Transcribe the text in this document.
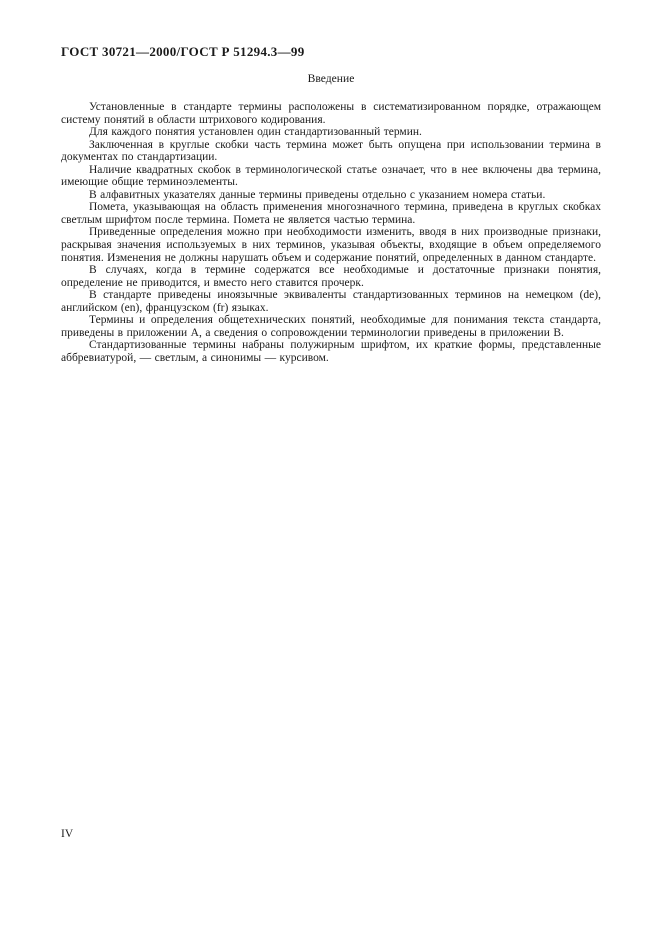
ГОСТ 30721—2000/ГОСТ Р 51294.3—99
Введение

Установленные в стандарте термины расположены в систематизированном порядке, отражающем систему понятий в области штрихового кодирования.

Для каждого понятия установлен один стандартизованный термин.

Заключенная в круглые скобки часть термина может быть опущена при использовании термина в документах по стандартизации.

Наличие квадратных скобок в терминологической статье означает, что в нее включены два термина, имеющие общие терминоэлементы.

В алфавитных указателях данные термины приведены отдельно с указанием номера статьи.

Помета, указывающая на область применения многозначного термина, приведена в круглых скобках светлым шрифтом после термина. Помета не является частью термина.

Приведенные определения можно при необходимости изменить, вводя в них производные признаки, раскрывая значения используемых в них терминов, указывая объекты, входящие в объем определяемого понятия. Изменения не должны нарушать объем и содержание понятий, определенных в данном стандарте.

В случаях, когда в термине содержатся все необходимые и достаточные признаки понятия, определение не приводится, и вместо него ставится прочерк.

В стандарте приведены иноязычные эквиваленты стандартизованных терминов на немецком (de), английском (en), французском (fr) языках.

Термины и определения общетехнических понятий, необходимые для понимания текста стандарта, приведены в приложении А, а сведения о сопровождении терминологии приведены в приложении В.

Стандартизованные термины набраны полужирным шрифтом, их краткие формы, представленные аббревиатурой, — светлым, а синонимы — курсивом.

IV
